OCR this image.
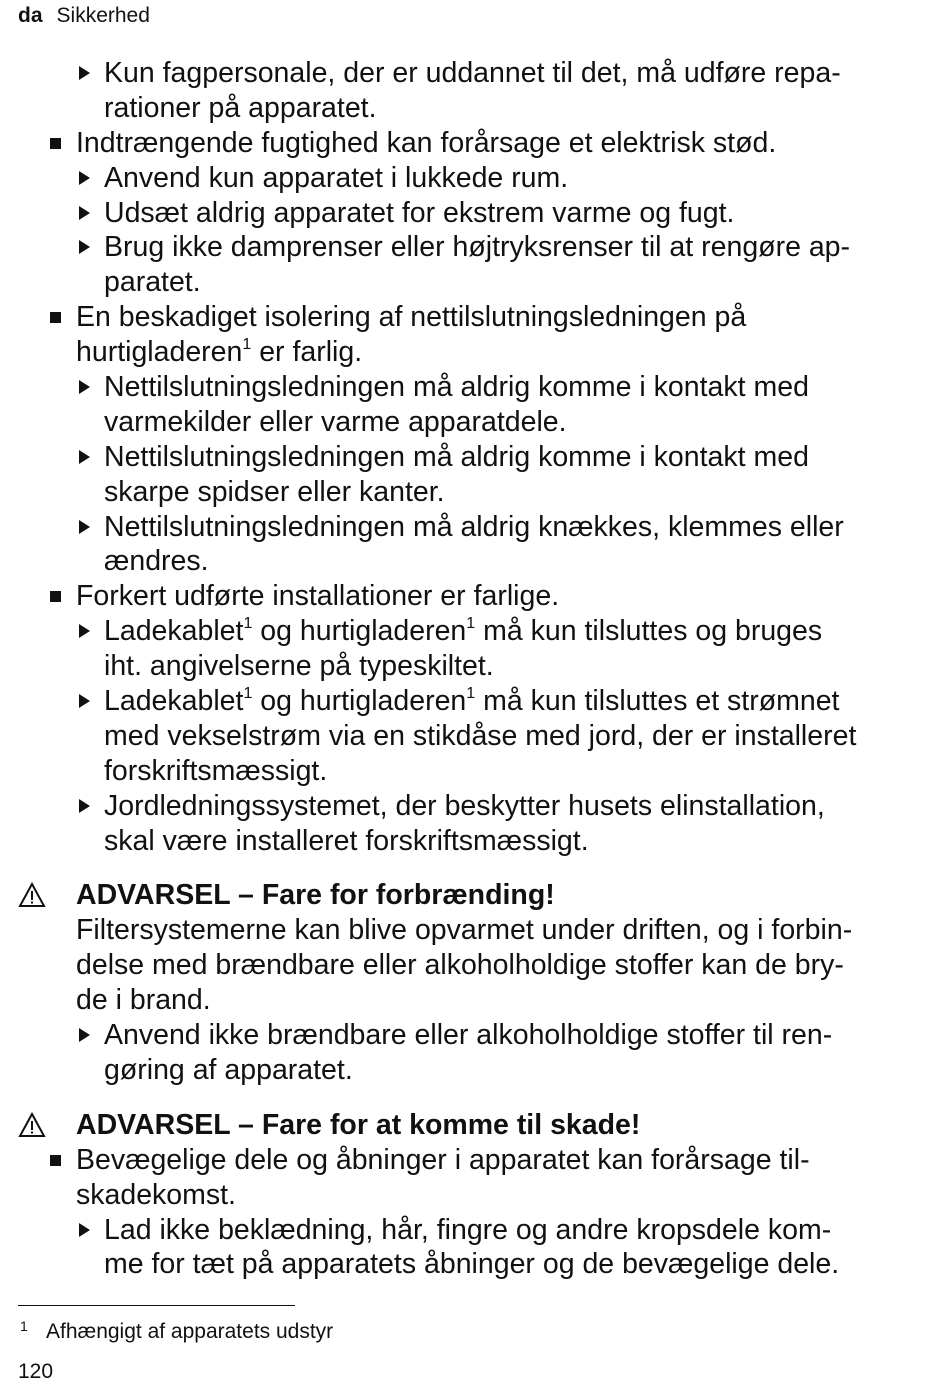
da Sikkerhed
Kun fagpersonale, der er uddannet til det, må udføre repa-
rationer på apparatet.
Indtrængende fugtighed kan forårsage et elektrisk stød.
Anvend kun apparatet i lukkede rum.
Udsæt aldrig apparatet for ekstrem varme og fugt.
Brug ikke damprenser eller højtryksrenser til at rengøre ap-
paratet.
En beskadiget isolering af nettilslutningsledningen på
hurtigladeren$^1$ er farlig.
Nettilslutningsledningen må aldrig komme i kontakt med
varmekilder eller varme apparatdele.
Nettilslutningsledningen må aldrig komme i kontakt med
skarpe spidser eller kanter.
Nettilslutningsledningen må aldrig knækkes, klemmes eller
ændres.
Forkert udførte installationer er farlige.
Ladekablet$^1$ og hurtigladeren$^1$ må kun tilsluttes og bruges
iht. angivelserne på typeskiltet.
Ladekablet$^1$ og hurtigladeren$^1$ må kun tilsluttes et strømnet
med vekselstrøm via en stikdåse med jord, der er installeret
forskriftsmæssigt.
Jordledningssystemet, der beskytter husets elinstallation,
skal være installeret forskriftsmæssigt.
ADVARSEL – Fare for forbrænding!
Filtersystemerne kan blive opvarmet under driften, og i forbin-
delse med brændbare eller alkoholholdige stoffer kan de bry-
de i brand.
Anvend ikke brændbare eller alkoholholdige stoffer til ren-
gøring af apparatet.
ADVARSEL – Fare for at komme til skade!
Bevægelige dele og åbninger i apparatet kan forårsage til-
skadekomst.
Lad ikke beklædning, hår, fingre og andre kropsdele kom-
me for tæt på apparatets åbninger og de bevægelige dele.
1 Afhængigt af apparatets udstyr
120
